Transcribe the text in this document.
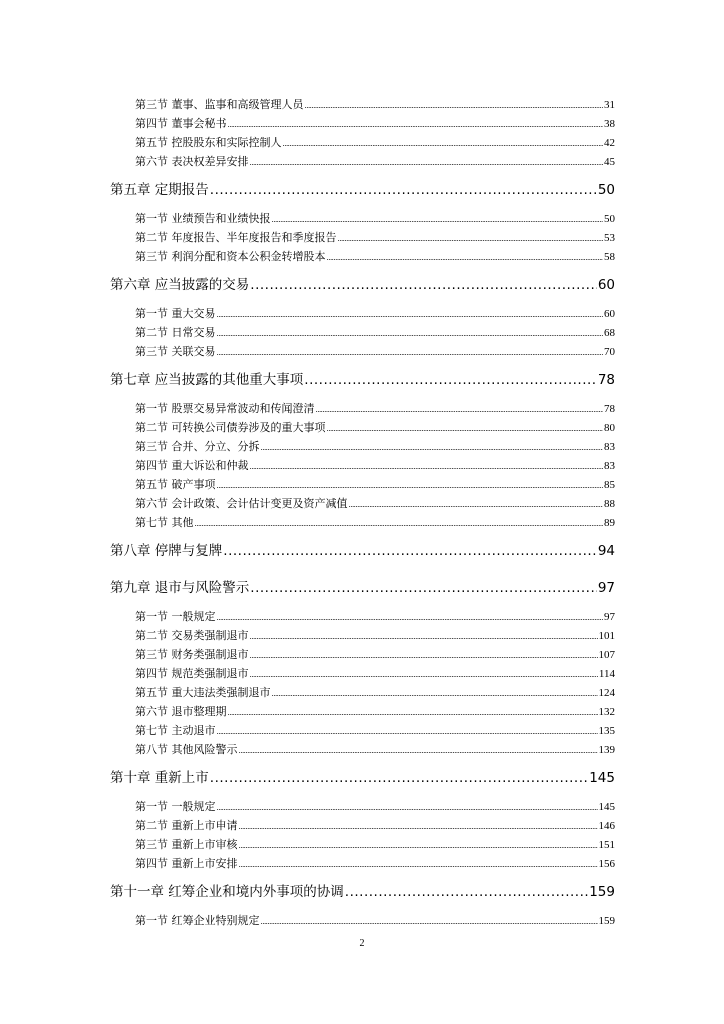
第三节 董事、监事和高级管理人员 .....	31
第四节 董事会秘书 .....	38
第五节 控股股东和实际控制人 .....	42
第六节 表决权差异安排 .....	45
第五章 定期报告 .....	50
第一节 业绩预告和业绩快报 .....	50
第二节 年度报告、半年度报告和季度报告 .....	53
第三节 利润分配和资本公积金转增股本 .....	58
第六章 应当披露的交易 .....	60
第一节 重大交易 .....	60
第二节 日常交易 .....	68
第三节 关联交易 .....	70
第七章 应当披露的其他重大事项 .....	78
第一节 股票交易异常波动和传闻澄清 .....	78
第二节 可转换公司债券涉及的重大事项 .....	80
第三节 合并、分立、分拆 .....	83
第四节 重大诉讼和仲裁 .....	83
第五节 破产事项 .....	85
第六节 会计政策、会计估计变更及资产减值 .....	88
第七节 其他 .....	89
第八章 停牌与复牌 .....	94
第九章 退市与风险警示 .....	97
第一节 一般规定 .....	97
第二节 交易类强制退市 .....	101
第三节 财务类强制退市 .....	107
第四节 规范类强制退市 .....	114
第五节 重大违法类强制退市 .....	124
第六节 退市整理期 .....	132
第七节 主动退市 .....	135
第八节 其他风险警示 .....	139
第十章 重新上市 .....	145
第一节 一般规定 .....	145
第二节 重新上市申请 .....	146
第三节 重新上市审核 .....	151
第四节 重新上市安排 .....	156
第十一章 红筹企业和境内外事项的协调 .....	159
第一节 红筹企业特别规定 .....	159
2
